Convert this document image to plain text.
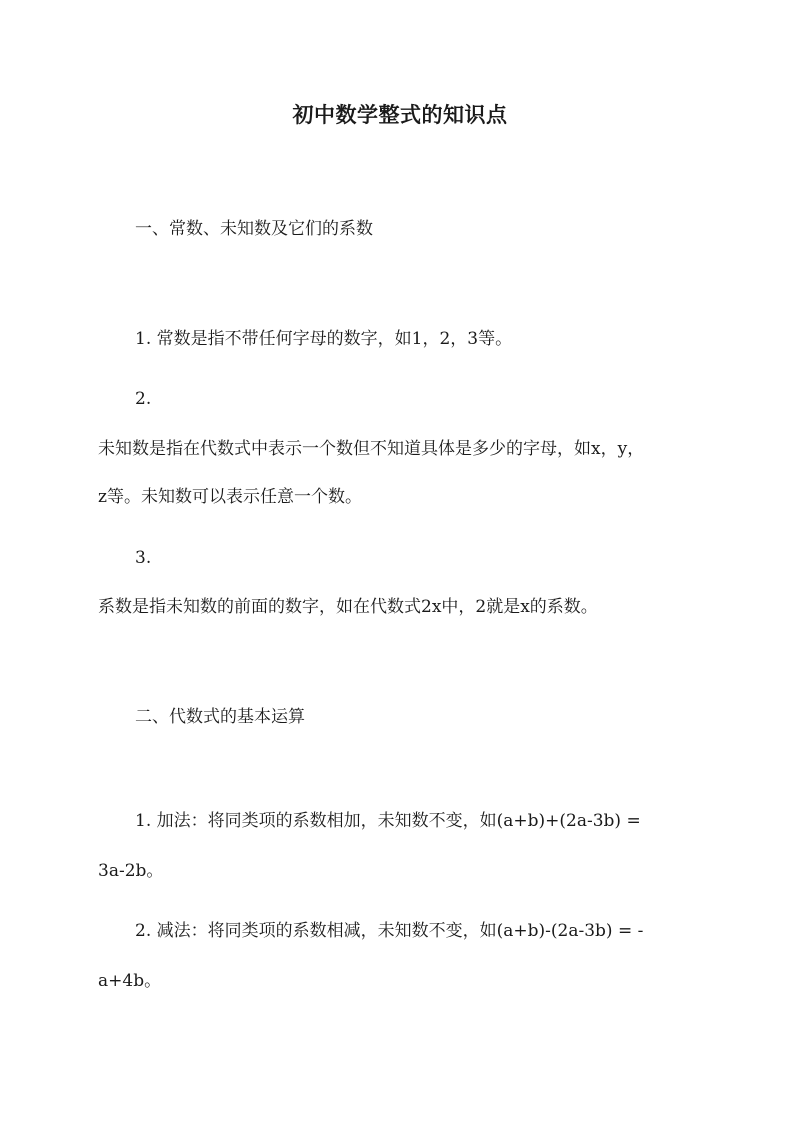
初中数学整式的知识点
一、常数、未知数及它们的系数
1. 常数是指不带任何字母的数字，如1，2，3等。
2.
未知数是指在代数式中表示一个数但不知道具体是多少的字母，如x，y，
z等。未知数可以表示任意一个数。
3.
系数是指未知数的前面的数字，如在代数式2x中，2就是x的系数。
二、代数式的基本运算
1. 加法：将同类项的系数相加，未知数不变，如(a+b)+(2a-3b) =
3a-2b。
2. 减法：将同类项的系数相减，未知数不变，如(a+b)-(2a-3b) = -
a+4b。
